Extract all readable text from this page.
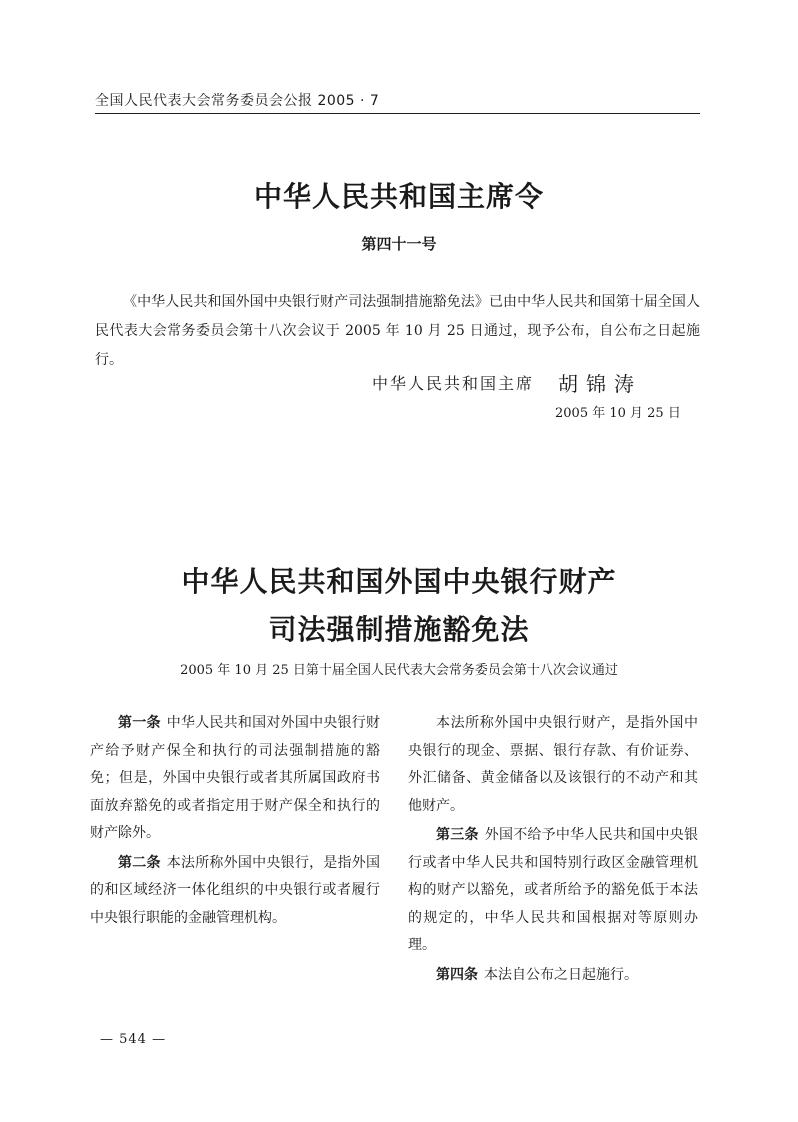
全国人民代表大会常务委员会公报 2005 · 7
中华人民共和国主席令
第四十一号
《中华人民共和国外国中央银行财产司法强制措施豁免法》已由中华人民共和国第十届全国人民代表大会常务委员会第十八次会议于 2005 年 10 月 25 日通过，现予公布，自公布之日起施行。
中华人民共和国主席 胡锦涛
2005 年 10 月 25 日
中华人民共和国外国中央银行财产
司法强制措施豁免法
2005 年 10 月 25 日第十届全国人民代表大会常务委员会第十八次会议通过

第一条 中华人民共和国对外国中央银行财产给予财产保全和执行的司法强制措施的豁免；但是，外国中央银行或者其所属国政府书面放弃豁免的或者指定用于财产保全和执行的财产除外。

第二条 本法所称外国中央银行，是指外国的和区域经济一体化组织的中央银行或者履行中央银行职能的金融管理机构。

本法所称外国中央银行财产，是指外国中央银行的现金、票据、银行存款、有价证券、外汇储备、黄金储备以及该银行的不动产和其他财产。

第三条 外国不给予中华人民共和国中央银行或者中华人民共和国特别行政区金融管理机构的财产以豁免，或者所给予的豁免低于本法的规定的，中华人民共和国根据对等原则办理。

第四条 本法自公布之日起施行。

— 544 —
